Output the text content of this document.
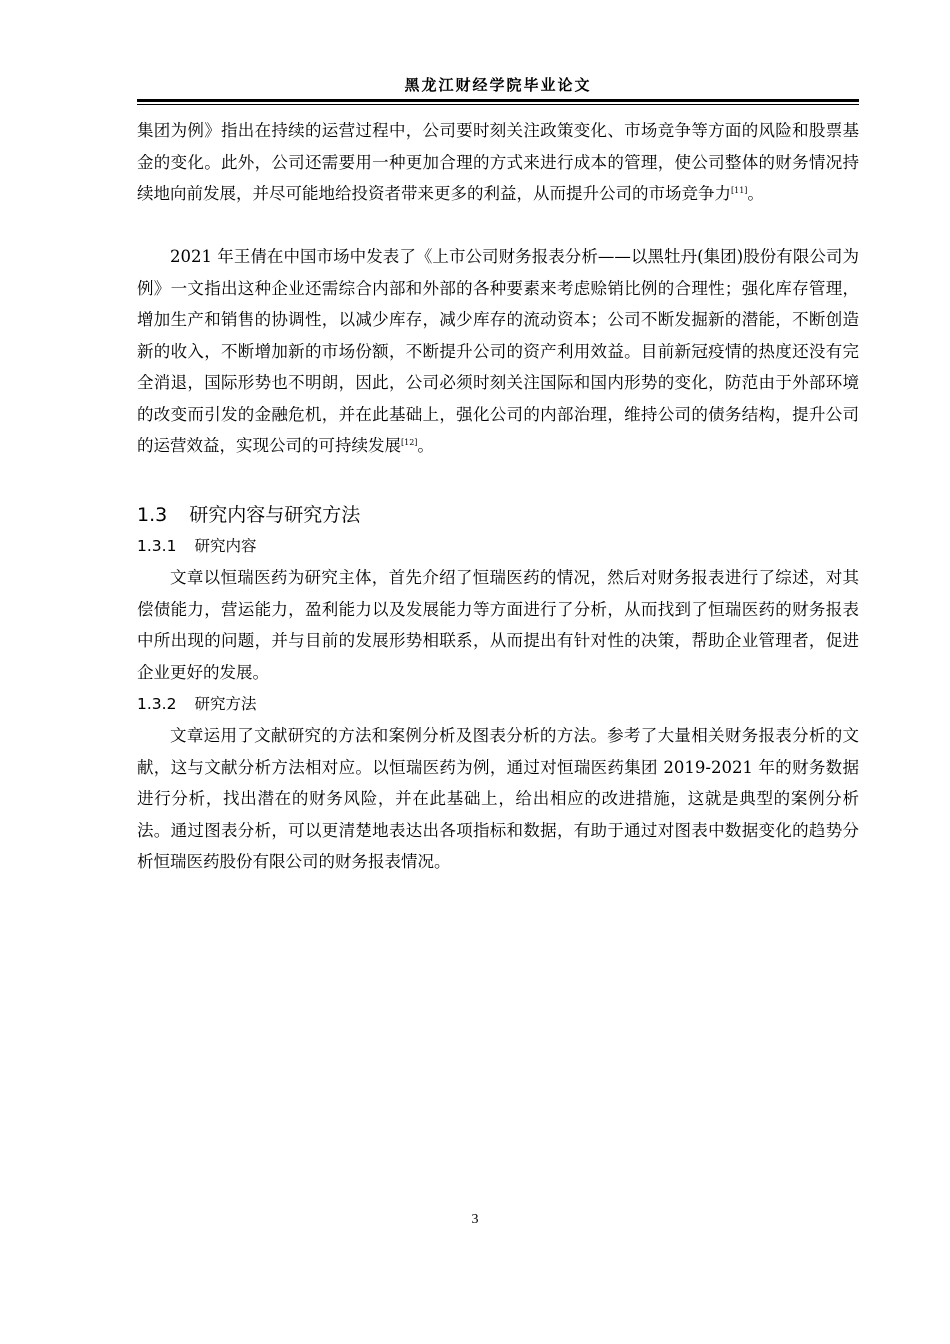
黑龙江财经学院毕业论文

集团为例》指出在持续的运营过程中，公司要时刻关注政策变化、市场竞争等方面的风险和股票基金的变化。此外，公司还需要用一种更加合理的方式来进行成本的管理，使公司整体的财务情况持续地向前发展，并尽可能地给投资者带来更多的利益，从而提升公司的市场竞争力[11]。

2021 年王倩在中国市场中发表了《上市公司财务报表分析——以黑牡丹(集团)股份有限公司为例》一文指出这种企业还需综合内部和外部的各种要素来考虑赊销比例的合理性；强化库存管理，增加生产和销售的协调性，以减少库存，减少库存的流动资本；公司不断发掘新的潜能，不断创造新的收入，不断增加新的市场份额，不断提升公司的资产利用效益。目前新冠疫情的热度还没有完全消退，国际形势也不明朗，因此，公司必须时刻关注国际和国内形势的变化，防范由于外部环境的改变而引发的金融危机，并在此基础上，强化公司的内部治理，维持公司的债务结构，提升公司的运营效益，实现公司的可持续发展[12]。

1.3 研究内容与研究方法
1.3.1 研究内容

文章以恒瑞医药为研究主体，首先介绍了恒瑞医药的情况，然后对财务报表进行了综述，对其偿债能力，营运能力，盈利能力以及发展能力等方面进行了分析，从而找到了恒瑞医药的财务报表中所出现的问题，并与目前的发展形势相联系，从而提出有针对性的决策，帮助企业管理者，促进企业更好的发展。

1.3.2 研究方法

文章运用了文献研究的方法和案例分析及图表分析的方法。参考了大量相关财务报表分析的文献，这与文献分析方法相对应。以恒瑞医药为例，通过对恒瑞医药集团 2019-2021 年的财务数据进行分析，找出潜在的财务风险，并在此基础上，给出相应的改进措施，这就是典型的案例分析法。通过图表分析，可以更清楚地表达出各项指标和数据，有助于通过对图表中数据变化的趋势分析恒瑞医药股份有限公司的财务报表情况。

3
